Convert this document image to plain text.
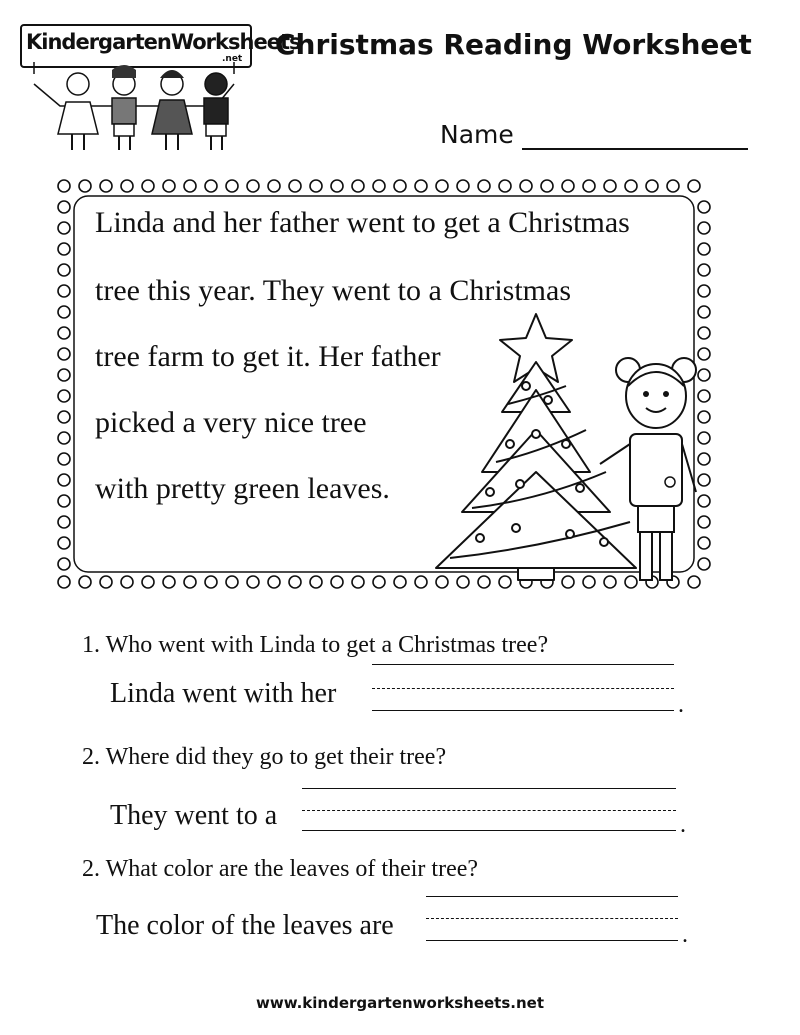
KindergartenWorksheets
.net Christmas Reading Worksheet
Name
Linda and her father went to get a Christmas
tree this year. They went to a Christmas
tree farm to get it. Her father
picked a very nice tree
with pretty green leaves.
1. Who went with Linda to get a Christmas tree?
Linda went with her	.
2. Where did they go to get their tree?
They went to a	.
2. What color are the leaves of their tree?
The color of the leaves are	.
www.kindergartenworksheets.net
